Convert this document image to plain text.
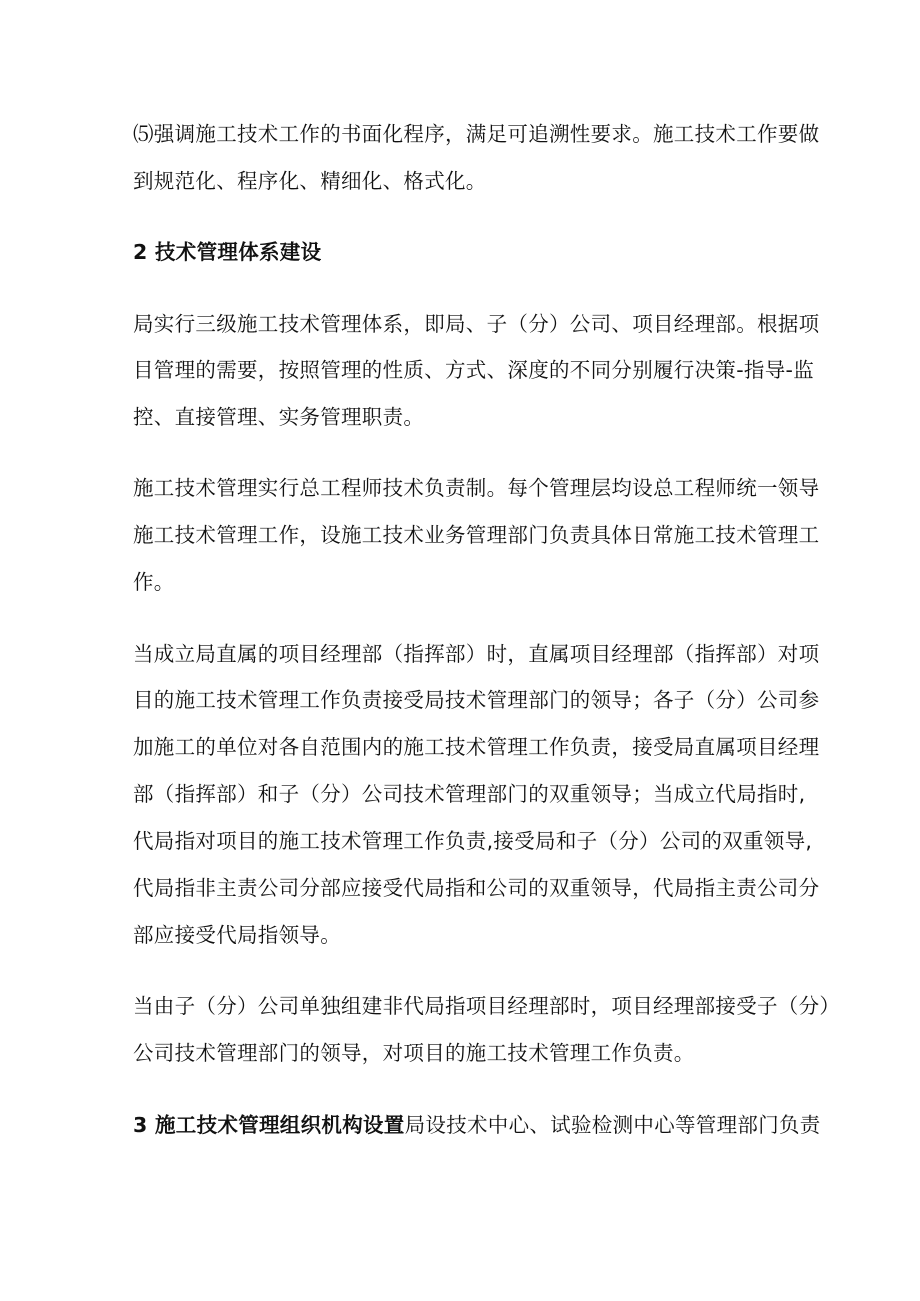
⑸强调施工技术工作的书面化程序，满足可追溯性要求。施工技术工作要做
到规范化、程序化、精细化、格式化。
2 技术管理体系建设
局实行三级施工技术管理体系，即局、子（分）公司、项目经理部。根据项
目管理的需要，按照管理的性质、方式、深度的不同分别履行决策-指导-监
控、直接管理、实务管理职责。
施工技术管理实行总工程师技术负责制。每个管理层均设总工程师统一领导
施工技术管理工作，设施工技术业务管理部门负责具体日常施工技术管理工
作。
当成立局直属的项目经理部（指挥部）时，直属项目经理部（指挥部）对项
目的施工技术管理工作负责接受局技术管理部门的领导；各子（分）公司参
加施工的单位对各自范围内的施工技术管理工作负责，接受局直属项目经理
部（指挥部）和子（分）公司技术管理部门的双重领导；当成立代局指时,
代局指对项目的施工技术管理工作负责,接受局和子（分）公司的双重领导,
代局指非主责公司分部应接受代局指和公司的双重领导，代局指主责公司分
部应接受代局指领导。
当由子（分）公司单独组建非代局指项目经理部时，项目经理部接受子（分）
公司技术管理部门的领导，对项目的施工技术管理工作负责。
3 施工技术管理组织机构设置局设技术中心、试验检测中心等管理部门负责
